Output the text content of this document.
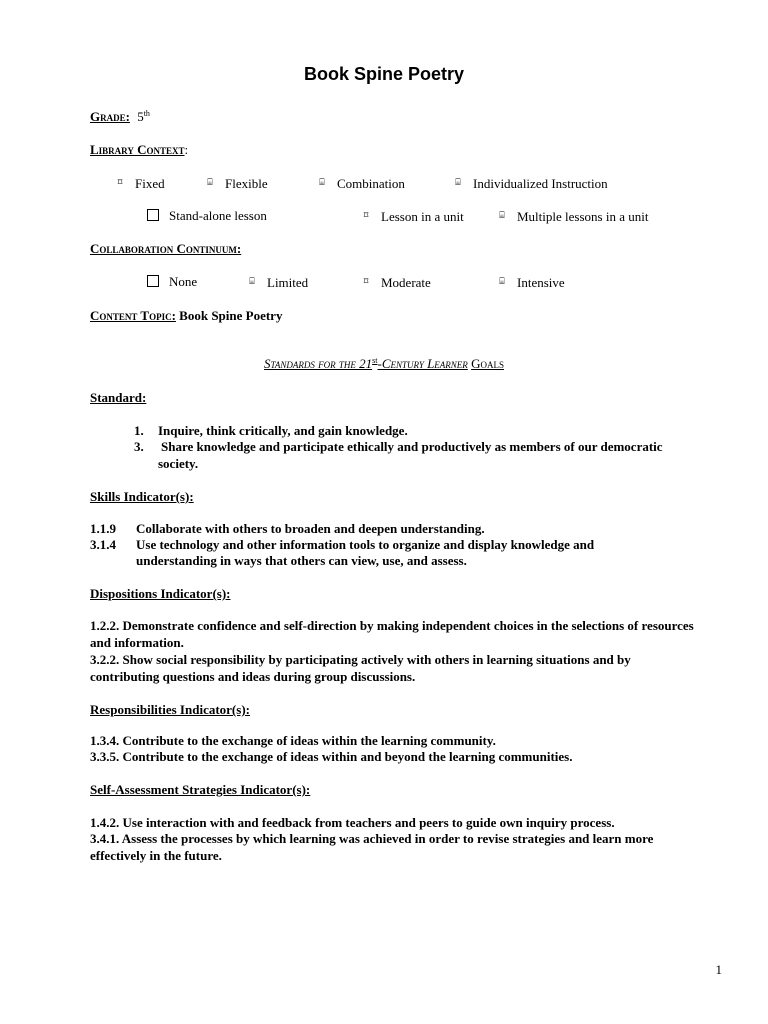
Book Spine Poetry
Grade: 5th
Library Context:
⌑ Fixed	⌸ Flexible	⌸ Combination	⌸ Individualized Instruction
Stand-alone lesson	⌑ Lesson in a unit	⌸ Multiple lessons in a unit
Collaboration Continuum:
None	⌸ Limited	⌑ Moderate	⌸ Intensive
Content Topic: Book Spine Poetry
Standards for the 21st-Century Learner Goals
Standard:
1. Inquire, think critically, and gain knowledge.
3. Share knowledge and participate ethically and productively as members of our democratic
society.
Skills Indicator(s):
1.1.9 Collaborate with others to broaden and deepen understanding.
3.1.4 Use technology and other information tools to organize and display knowledge and
understanding in ways that others can view, use, and assess.
Dispositions Indicator(s):
1.2.2. Demonstrate confidence and self-direction by making independent choices in the selections of resources and information.
3.2.2. Show social responsibility by participating actively with others in learning situations and by contributing questions and ideas during group discussions.
Responsibilities Indicator(s):
1.3.4. Contribute to the exchange of ideas within the learning community.
3.3.5. Contribute to the exchange of ideas within and beyond the learning communities.
Self-Assessment Strategies Indicator(s):
1.4.2. Use interaction with and feedback from teachers and peers to guide own inquiry process.
3.4.1. Assess the processes by which learning was achieved in order to revise strategies and learn more effectively in the future.
1
